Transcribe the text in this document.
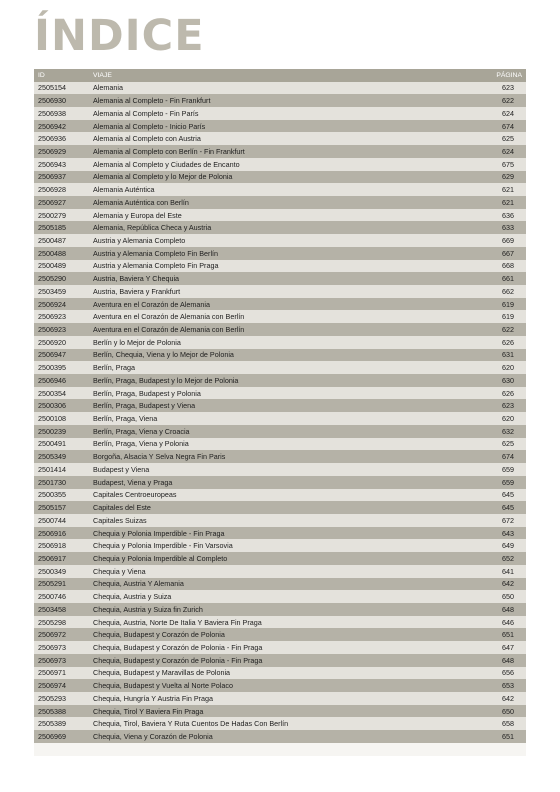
ÍNDICE
ID	VIAJE	PÁGINA
2505154	Alemania	623
2506930	Alemania al Completo - Fin Frankfurt	622
2506938	Alemania al Completo - Fin París	624
2506942	Alemania al Completo - Inicio París	674
2506936	Alemania al Completo con Austria	625
2506929	Alemania al Completo con Berlín - Fin Frankfurt	624
2506943	Alemania al Completo y Ciudades de Encanto	675
2506937	Alemania al Completo y lo Mejor de Polonia	629
2506928	Alemania Auténtica	621
2506927	Alemania Auténtica con Berlín	621
2500279	Alemania y Europa del Este	636
2505185	Alemania, República Checa y Austria	633
2500487	Austria y Alemania Completo	669
2500488	Austria y Alemania Completo Fin Berlín	667
2500489	Austria y Alemania Completo Fin Praga	668
2505290	Austria, Baviera Y Chequia	661
2503459	Austria, Baviera y Frankfurt	662
2506924	Aventura en el Corazón de Alemania	619
2506923	Aventura en el Corazón de Alemania con Berlín	619
2506923	Aventura en el Corazón de Alemania con Berlín	622
2506920	Berlín y lo Mejor de Polonia	626
2506947	Berlín, Chequia, Viena y lo Mejor de Polonia	631
2500395	Berlín, Praga	620
2506946	Berlín, Praga, Budapest y lo Mejor de Polonia	630
2500354	Berlín, Praga, Budapest y Polonia	626
2500306	Berlín, Praga, Budapest y Viena	623
2500108	Berlín, Praga, Viena	620
2500239	Berlín, Praga, Viena y Croacia	632
2500491	Berlín, Praga, Viena y Polonia	625
2505349	Borgoña, Alsacia Y Selva Negra Fin Paris	674
2501414	Budapest y Viena	659
2501730	Budapest, Viena y Praga	659
2500355	Capitales Centroeuropeas	645
2505157	Capitales del Este	645
2500744	Capitales Suizas	672
2506916	Chequia y Polonia Imperdible - Fin Praga	643
2506918	Chequia y Polonia Imperdible - Fin Varsovia	649
2506917	Chequia y Polonia Imperdible al Completo	652
2500349	Chequia y Viena	641
2505291	Chequia, Austria Y Alemania	642
2500746	Chequia, Austria y Suiza	650
2503458	Chequia, Austria y Suiza fin Zurich	648
2505298	Chequia, Austria, Norte De Italia Y Baviera Fin Praga	646
2506972	Chequia, Budapest y Corazón de Polonia	651
2506973	Chequia, Budapest y Corazón de Polonia - Fin Praga	647
2506973	Chequia, Budapest y Corazón de Polonia - Fin Praga	648
2506971	Chequia, Budapest y Maravillas de Polonia	656
2506974	Chequia, Budapest y Vuelta al Norte Polaco	653
2505293	Chequia, Hungría Y Austria Fin Praga	642
2505388	Chequia, Tirol Y Baviera Fin Praga	650
2505389	Chequia, Tirol, Baviera Y Ruta Cuentos De Hadas Con Berlín	658
2506969	Chequia, Viena y Corazón de Polonia	651
